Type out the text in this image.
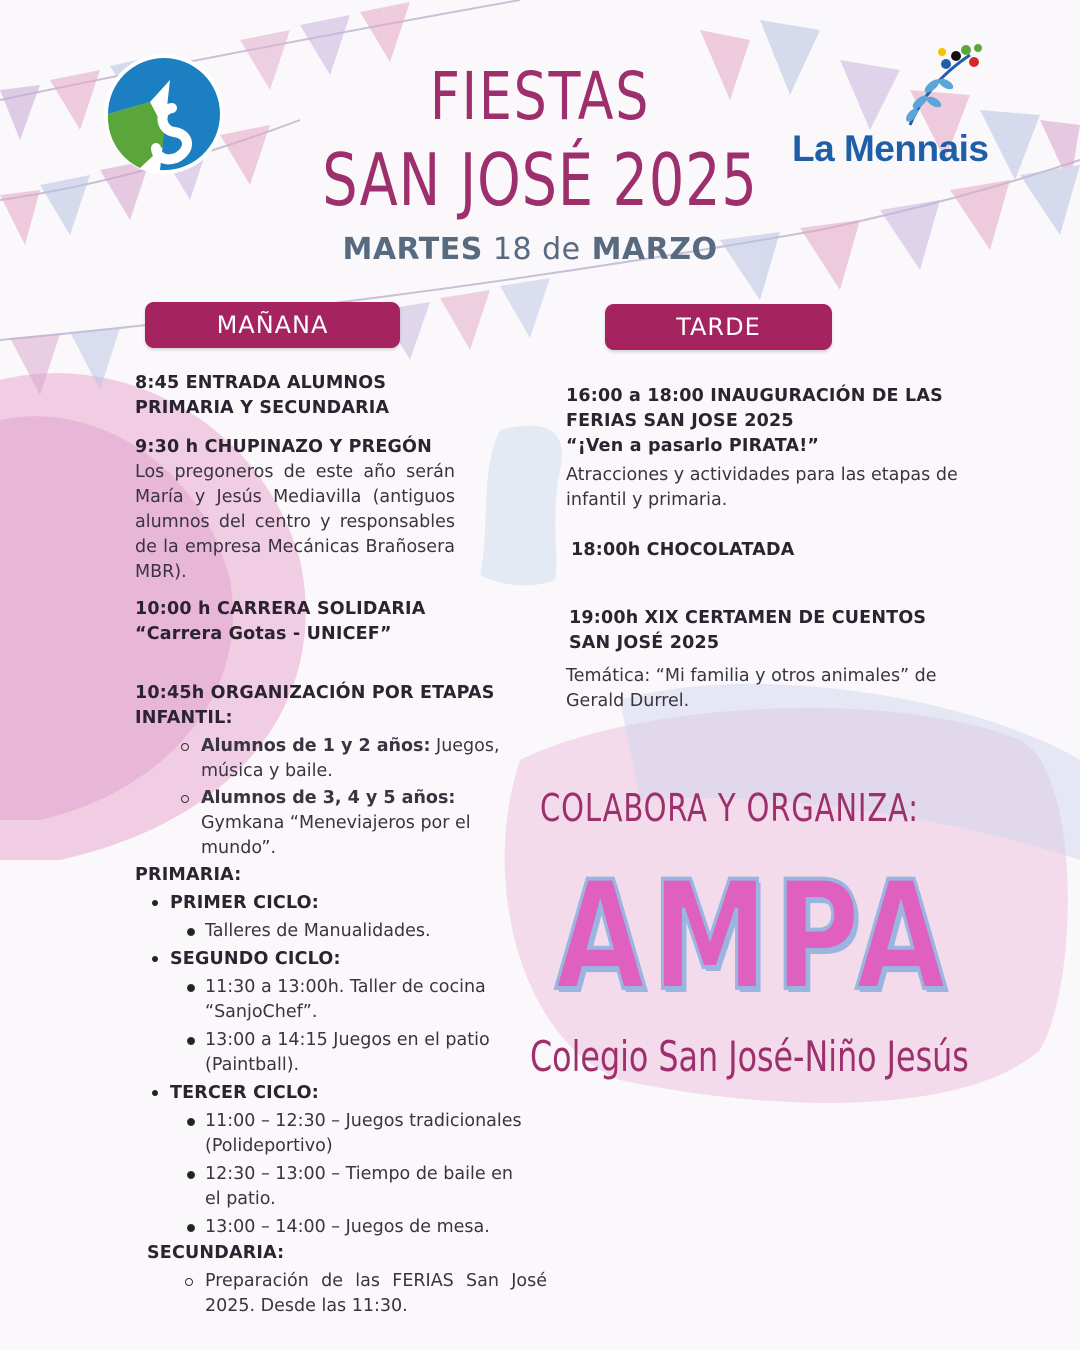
La Mennais
FIESTAS
SAN JOSÉ 2025
MARTES 18 de MARZO
MAÑANA	TARDE
8:45 ENTRADA ALUMNOS
PRIMARIA Y SECUNDARIA
9:30 h CHUPINAZO Y PREGÓN
Los pregoneros de este año serán María y Jesús Mediavilla (antiguos alumnos del centro y responsables de la empresa Mecánicas Brañosera MBR).
10:00 h CARRERA SOLIDARIA
“Carrera Gotas - UNICEF”
10:45h ORGANIZACIÓN POR ETAPAS
INFANTIL:
Alumnos de 1 y 2 años: Juegos, música y baile.
Alumnos de 3, 4 y 5 años: Gymkana “Meneviajeros por el mundo”.
PRIMARIA:
PRIMER CICLO:
Talleres de Manualidades.
SEGUNDO CICLO:
11:30 a 13:00h. Taller de cocina “SanjoChef”.
13:00 a 14:15 Juegos en el patio (Paintball).
TERCER CICLO:
11:00 – 12:30 – Juegos tradicionales (Polideportivo)
12:30 – 13:00 – Tiempo de baile en el patio.
13:00 – 14:00 – Juegos de mesa.
SECUNDARIA:
Preparación de las FERIAS San José 2025. Desde las 11:30.
16:00 a 18:00 INAUGURACIÓN DE LAS
FERIAS SAN JOSE 2025
“¡Ven a pasarlo PIRATA!”
Atracciones y actividades para las etapas de infantil y primaria.
18:00h CHOCOLATADA
19:00h XIX CERTAMEN DE CUENTOS
SAN JOSÉ 2025
Temática: “Mi familia y otros animales” de Gerald Durrel.
COLABORA Y ORGANIZA:
AMPA
Colegio San José-Niño Jesús
